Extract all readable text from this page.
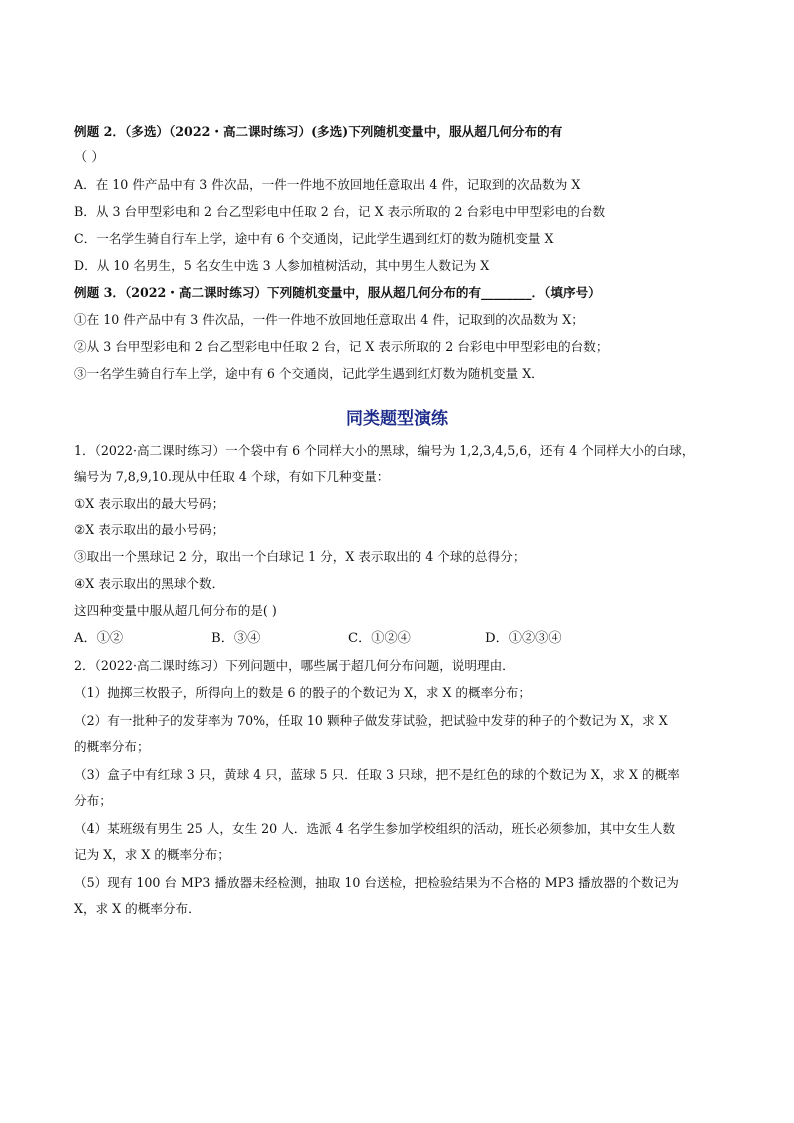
例题 2．（多选）（2022・高二课时练习）(多选)下列随机变量中，服从超几何分布的有
（ ）
A．在 10 件产品中有 3 件次品，一件一件地不放回地任意取出 4 件，记取到的次品数为 X
B．从 3 台甲型彩电和 2 台乙型彩电中任取 2 台，记 X 表示所取的 2 台彩电中甲型彩电的台数
C．一名学生骑自行车上学，途中有 6 个交通岗，记此学生遇到红灯的数为随机变量 X
D．从 10 名男生，5 名女生中选 3 人参加植树活动，其中男生人数记为 X
例题 3．（2022・高二课时练习）下列随机变量中，服从超几何分布的有________．（填序号）
①在 10 件产品中有 3 件次品，一件一件地不放回地任意取出 4 件，记取到的次品数为 X；
②从 3 台甲型彩电和 2 台乙型彩电中任取 2 台，记 X 表示所取的 2 台彩电中甲型彩电的台数；
③一名学生骑自行车上学，途中有 6 个交通岗，记此学生遇到红灯数为随机变量 X．
同类题型演练
1．（2022·高二课时练习）一个袋中有 6 个同样大小的黑球，编号为 1,2,3,4,5,6，还有 4 个同样大小的白球，
编号为 7,8,9,10.现从中任取 4 个球，有如下几种变量：
①X 表示取出的最大号码；
②X 表示取出的最小号码；
③取出一个黑球记 2 分，取出一个白球记 1 分，X 表示取出的 4 个球的总得分；
④X 表示取出的黑球个数．
这四种变量中服从超几何分布的是( )
A．①②	B．③④	C．①②④	D．①②③④
2．（2022·高二课时练习）下列问题中，哪些属于超几何分布问题，说明理由．
（1）抛掷三枚骰子，所得向上的数是 6 的骰子的个数记为 X，求 X 的概率分布；
（2）有一批种子的发芽率为 70%，任取 10 颗种子做发芽试验，把试验中发芽的种子的个数记为 X，求 X
的概率分布；
（3）盒子中有红球 3 只，黄球 4 只，蓝球 5 只．任取 3 只球，把不是红色的球的个数记为 X，求 X 的概率
分布；
（4）某班级有男生 25 人，女生 20 人．选派 4 名学生参加学校组织的活动，班长必须参加，其中女生人数
记为 X，求 X 的概率分布；
（5）现有 100 台 MP3 播放器未经检测，抽取 10 台送检，把检验结果为不合格的 MP3 播放器的个数记为
X，求 X 的概率分布．
